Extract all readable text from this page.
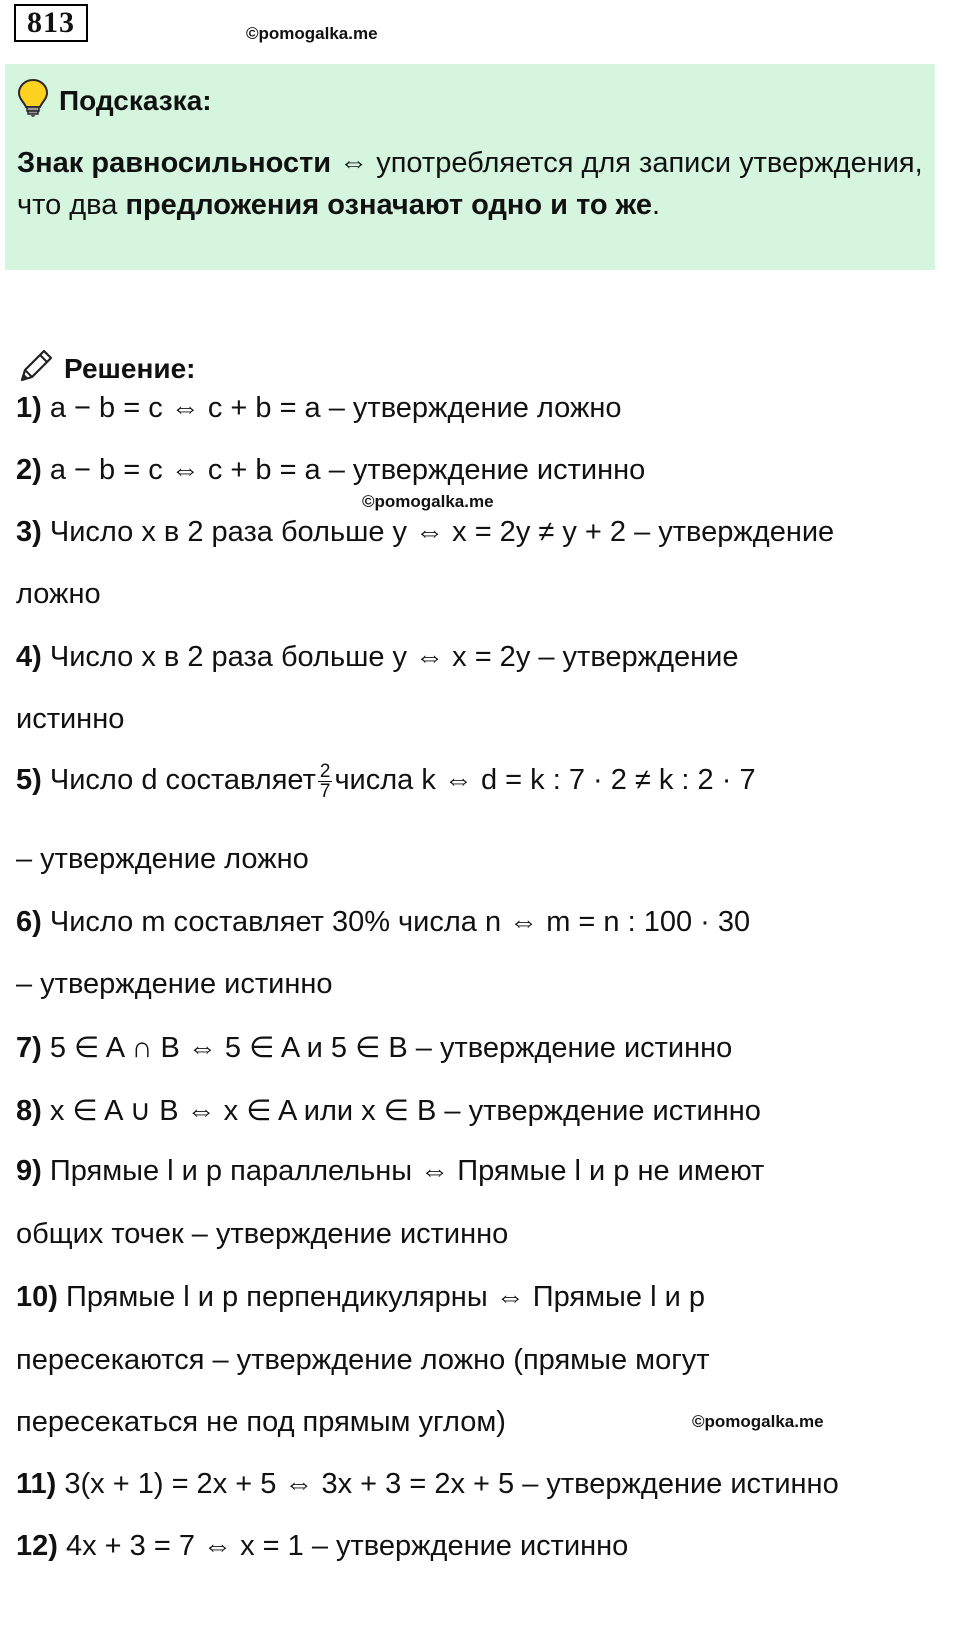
813	©pomogalka.me
Подсказка:
Знак равносильности ⇔ употребляется для записи утверждения, что два предложения означают одно и то же.
Решение:
1) a − b = c ⇔ c + b = a – утверждение ложно
2) a − b = c ⇔ c + b = a – утверждение истинно
©pomogalka.me
3) Число x в 2 раза больше y ⇔ x = 2y ≠ y + 2 – утверждение
ложно
4) Число x в 2 раза больше y ⇔ x = 2y – утверждение
истинно
5) Число d составляет $\frac{2}{7}$ числа k ⇔ d = k : 7 · 2 ≠ k : 2 · 7
– утверждение ложно
6) Число m составляет 30% числа n ⇔ m = n : 100 · 30
– утверждение истинно
7) 5 ∈ A ∩ B ⇔ 5 ∈ A и 5 ∈ B – утверждение истинно
8) x ∈ A ∪ B ⇔ x ∈ A или x ∈ B – утверждение истинно
9) Прямые l и p параллельны ⇔ Прямые l и p не имеют
общих точек – утверждение истинно
10) Прямые l и p перпендикулярны ⇔ Прямые l и p
пересекаются – утверждение ложно (прямые могут
пересекаться не под прямым углом)	©pomogalka.me
11) 3(x + 1) = 2x + 5 ⇔ 3x + 3 = 2x + 5 – утверждение истинно
12) 4x + 3 = 7 ⇔ x = 1 – утверждение истинно
